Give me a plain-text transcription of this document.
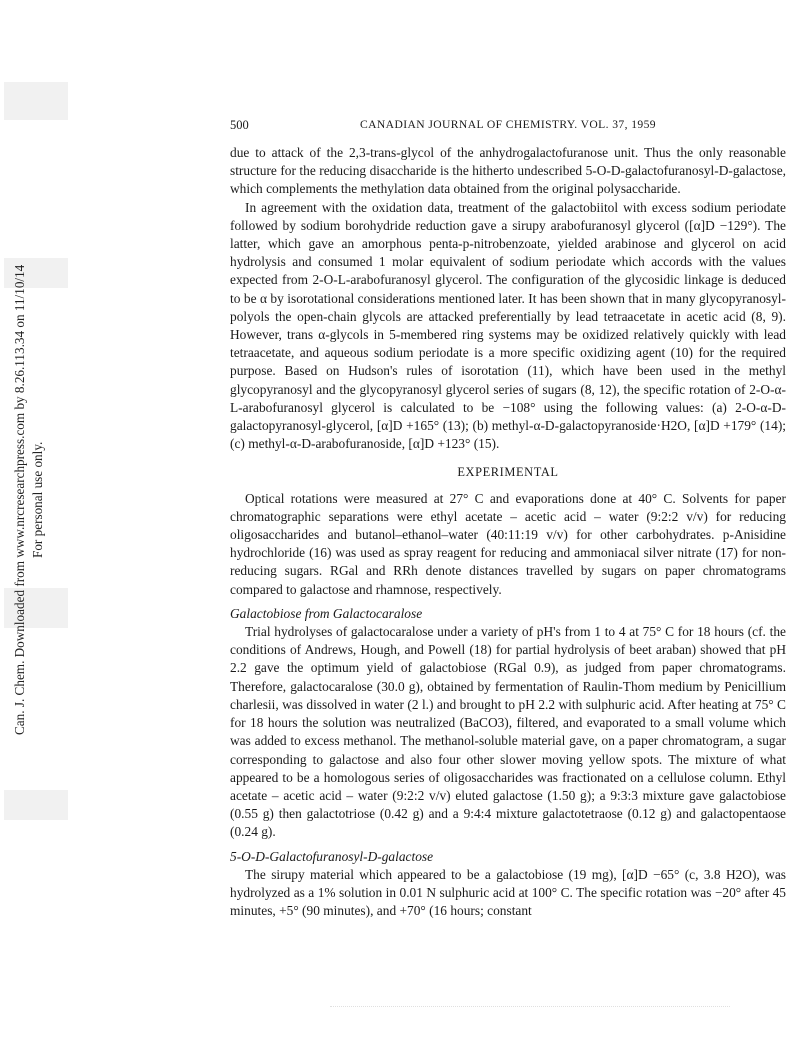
Can. J. Chem. Downloaded from www.nrcresearchpress.com by 8.26.113.34 on 11/10/14 For personal use only.
500	CANADIAN JOURNAL OF CHEMISTRY. VOL. 37, 1959

due to attack of the 2,3-trans-glycol of the anhydrogalactofuranose unit. Thus the only reasonable structure for the reducing disaccharide is the hitherto undescribed 5-O-D-galactofuranosyl-D-galactose, which complements the methylation data obtained from the original polysaccharide.

In agreement with the oxidation data, treatment of the galactobiitol with excess sodium periodate followed by sodium borohydride reduction gave a sirupy arabofuranosyl glycerol ([α]D −129°). The latter, which gave an amorphous penta-p-nitrobenzoate, yielded arabinose and glycerol on acid hydrolysis and consumed 1 molar equivalent of sodium periodate which accords with the values expected from 2-O-L-arabofuranosyl glycerol. The configuration of the glycosidic linkage is deduced to be α by isorotational considerations mentioned later. It has been shown that in many glycopyranosyl-polyols the open-chain glycols are attacked preferentially by lead tetraacetate in acetic acid (8, 9). However, trans α-glycols in 5-membered ring systems may be oxidized relatively quickly with lead tetraacetate, and aqueous sodium periodate is a more specific oxidizing agent (10) for the required purpose. Based on Hudson's rules of isorotation (11), which have been used in the methyl glycopyranosyl and the glycopyranosyl glycerol series of sugars (8, 12), the specific rotation of 2-O-α-L-arabofuranosyl glycerol is calculated to be −108° using the following values: (a) 2-O-α-D-galactopyranosyl-glycerol, [α]D +165° (13); (b) methyl-α-D-galactopyranoside·H2O, [α]D +179° (14); (c) methyl-α-D-arabofuranoside, [α]D +123° (15).

EXPERIMENTAL

Optical rotations were measured at 27° C and evaporations done at 40° C. Solvents for paper chromatographic separations were ethyl acetate – acetic acid – water (9:2:2 v/v) for reducing oligosaccharides and butanol–ethanol–water (40:11:19 v/v) for other carbohydrates. p-Anisidine hydrochloride (16) was used as spray reagent for reducing and ammoniacal silver nitrate (17) for non-reducing sugars. RGal and RRh denote distances travelled by sugars on paper chromatograms compared to galactose and rhamnose, respectively.

Galactobiose from Galactocaralose

Trial hydrolyses of galactocaralose under a variety of pH's from 1 to 4 at 75° C for 18 hours (cf. the conditions of Andrews, Hough, and Powell (18) for partial hydrolysis of beet araban) showed that pH 2.2 gave the optimum yield of galactobiose (RGal 0.9), as judged from paper chromatograms. Therefore, galactocaralose (30.0 g), obtained by fermentation of Raulin-Thom medium by Penicillium charlesii, was dissolved in water (2 l.) and brought to pH 2.2 with sulphuric acid. After heating at 75° C for 18 hours the solution was neutralized (BaCO3), filtered, and evaporated to a small volume which was added to excess methanol. The methanol-soluble material gave, on a paper chromatogram, a sugar corresponding to galactose and also four other slower moving yellow spots. The mixture of what appeared to be a homologous series of oligosaccharides was fractionated on a cellulose column. Ethyl acetate – acetic acid – water (9:2:2 v/v) eluted galactose (1.50 g); a 9:3:3 mixture gave galactobiose (0.55 g) then galactotriose (0.42 g) and a 9:4:4 mixture galactotetraose (0.12 g) and galactopentaose (0.24 g).

5-O-D-Galactofuranosyl-D-galactose

The sirupy material which appeared to be a galactobiose (19 mg), [α]D −65° (c, 3.8 H2O), was hydrolyzed as a 1% solution in 0.01 N sulphuric acid at 100° C. The specific rotation was −20° after 45 minutes, +5° (90 minutes), and +70° (16 hours; constant
